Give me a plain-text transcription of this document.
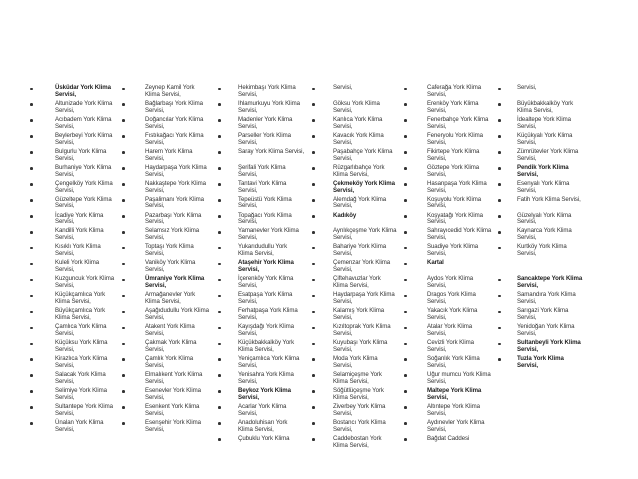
Üsküdar York Klima
Servisi,
Altunizade York Klima
Servisi,
Acıbadem York Klima
Servisi,
Beylerbeyi York Klima
Servisi,
Bulgurlu York Klima
Servisi,
Burhaniye York Klima
Servisi,
Çengelköy York Klima
Servisi,
Güzeltepe York Klima
Servisi,
İcadiye York Klima
Servisi,
Kandilli York Klima
Servisi,
Kısıklı York Klima
Servisi,
Kuleli York Klima
Servisi,
Kuzguncuk York Klima
Servisi,
Küçükçamlıca York
Klima Servisi,
Büyükçamlıca York
Klima Servisi,
Çamlıca York Klima
Servisi,
Küçüksu York Klima
Servisi,
Kirazlıca York Klima
Servisi,
Salacak York Klima
Servisi,
Selimiye York Klima
Servisi,
Sultantepe York Klima
Servisi,
Ünalan York Klima
Servisi,
Zeynep Kamil York
Klima Servisi,
Bağlarbaşı York Klima
Servisi,
Doğancılar York Klima
Servisi,
Fıstıkağacı York Klima
Servisi,
Harem York Klima
Servisi,
Haydarpaşa York Klima
Servisi,
Nakkaştepe York Klima
Servisi,
Paşalimanı York Klima
Servisi,
Pazarbaşı York Klima
Servisi,
Selamsız York Klima
Servisi,
Toptaşı York Klima
Servisi,
Vaniköy York Klima
Servisi,
Ümraniye York Klima
Servisi,
Armağanevler York
Klima Servisi,
Aşağıdudullu York Klima
Servisi,
Atakent York Klima
Servisi,
Çakmak York Klima
Servisi,
Çamlık York Klima
Servisi,
Elmalıkent York Klima
Servisi,
Esenevler York Klima
Servisi,
Esenkent York Klima
Servisi,
Esenşehir York Klima
Servisi,
Hekimbaşı York Klima
Servisi,
Ihlamurkuyu York Klima
Servisi,
Madenler York Klima
Servisi,
Parseller York Klima
Servisi,
Saray York Klima Servisi,
Şerifali York Klima
Servisi,
Tantavi York Klima
Servisi,
Tepeüstü York Klima
Servisi,
Topağacı York Klima
Servisi,
Yamanevler York Klima
Servisi,
Yukarıdudullu York
Klima Servisi,
Ataşehir York Klima
Servisi,
İçerenköy York Klima
Servisi,
Esatpaşa York Klima
Servisi,
Ferhatpaşa York Klima
Servisi,
Kayışdağı York Klima
Servisi,
Küçükbakkalköy York
Klima Servisi,
Yeniçamlıca York Klima
Servisi,
Yenisahra York Klima
Servisi,
Beykoz York Klima
Servisi,
Acarlar York Klima
Servisi,
Anadoluhisarı York
Klima Servisi,
Çubuklu York Klima
Servisi,
Göksu York Klima
Servisi,
Kanlıca York Klima
Servisi,
Kavacık York Klima
Servisi,
Paşabahçe York Klima
Servisi,
Rüzgarlıbahçe York
Klima Servisi,
Çekmeköy York Klima
Servisi,
Alemdağ York Klima
Servisi,
Kadıköy
Ayrılıkçeşme York Klima
Servisi,
Bahariye York Klima
Servisi,
Çemenzar York Klima
Servisi,
Çiftehavuzlar York
Klima Servisi,
Haydarpaşa York Klima
Servisi,
Kalamış York Klima
Servisi,
Kızıltoprak York Klima
Servisi,
Kuyubaşı York Klima
Servisi,
Moda York Klima
Servisi,
Selamiçeşme York
Klima Servisi,
Söğütlüçeşme York
Klima Servisi,
Ziverbey York Klima
Servisi,
Bostancı York Klima
Servisi,
Caddebostan York
Klima Servisi,
Caferağa York Klima
Servisi,
Erenköy York Klima
Servisi,
Fenerbahçe York Klima
Servisi,
Feneryolu York Klima
Servisi,
Fikirtepe York Klima
Servisi,
Göztepe York Klima
Servisi,
Hasanpaşa York Klima
Servisi,
Koşuyolu York Klima
Servisi,
Koşyatağı York Klima
Servisi,
Sahrayıcedid York Klima
Servisi,
Suadiye York Klima
Servisi,
Kartal
Aydos York Klima
Servisi,
Dragos York Klima
Servisi,
Yakacık York Klima
Servisi,
Atalar York Klima
Servisi,
Cevizli York Klima
Servisi,
Soğanlık York Klima
Servisi,
Uğur mumcu York Klima
Servisi,
Maltepe York Klima
Servisi,
Altıntepe York Klima
Servisi,
Aydınevler York Klima
Servisi,
Bağdat Caddesi
Servisi,
Büyükbakkalköy York
Klima Servisi,
İdealtepe York Klima
Servisi,
Küçükyalı York Klima
Servisi,
Zümrütevler York Klima
Servisi,
Pendik York Klima
Servisi,
Esenyalı York Klima
Servisi,
Fatih York Klima Servisi,
Güzelyalı York Klima
Servisi,
Kaynarca York Klima
Servisi,
Kurtköy York Klima
Servisi,
Sancaktepe York Klima
Servisi,
Samandıra York Klima
Servisi,
Sarıgazi York Klima
Servisi,
Yenidoğan York Klima
Servisi,
Sultanbeyli York Klima
Servisi,
Tuzla York Klima
Servisi,
